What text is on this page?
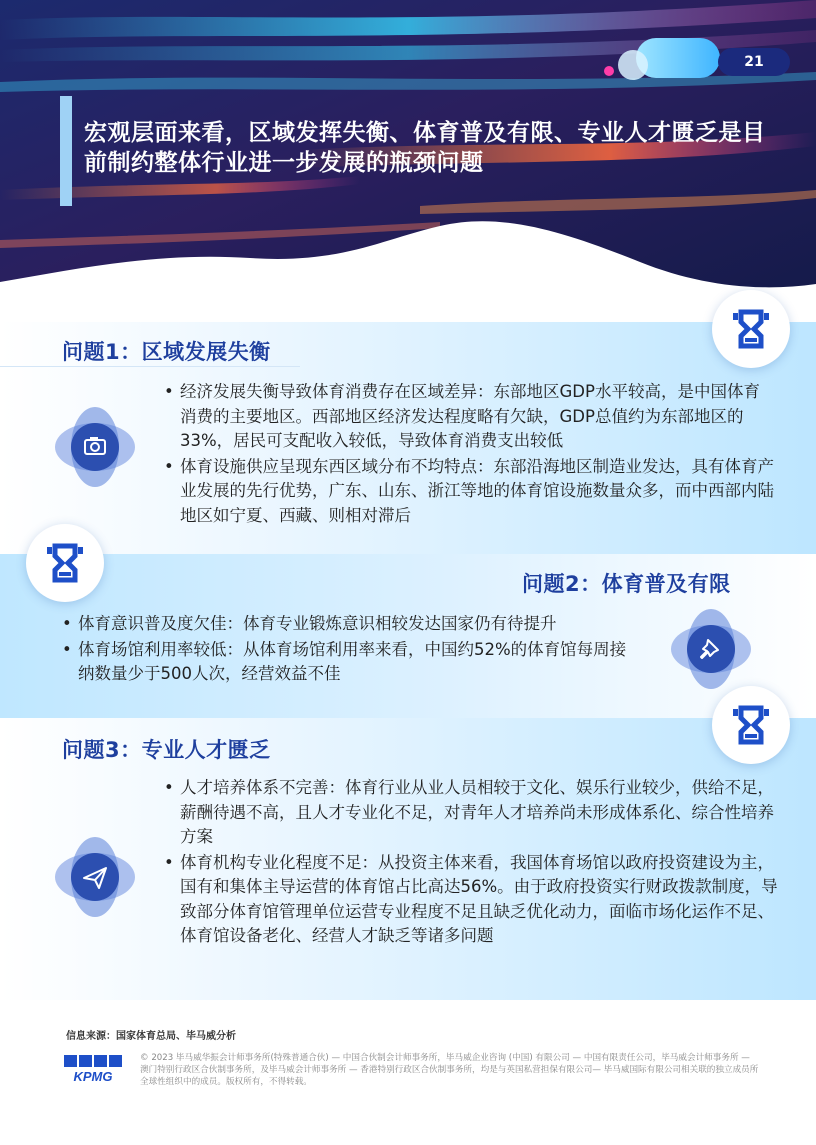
21
宏观层面来看，区域发挥失衡、体育普及有限、专业人才匮乏是目前制约整体行业进一步发展的瓶颈问题
问题1：区域发展失衡
• 经济发展失衡导致体育消费存在区域差异：东部地区GDP水平较高，是中国体育消费的主要地区。西部地区经济发达程度略有欠缺，GDP总值约为东部地区的33%，居民可支配收入较低，导致体育消费支出较低
• 体育设施供应呈现东西区域分布不均特点：东部沿海地区制造业发达，具有体育产业发展的先行优势，广东、山东、浙江等地的体育馆设施数量众多，而中西部内陆地区如宁夏、西藏、则相对滞后
问题2：体育普及有限
• 体育意识普及度欠佳：体育专业锻炼意识相较发达国家仍有待提升
• 体育场馆利用率较低：从体育场馆利用率来看，中国约52%的体育馆每周接纳数量少于500人次，经营效益不佳
问题3：专业人才匮乏
• 人才培养体系不完善：体育行业从业人员相较于文化、娱乐行业较少，供给不足，薪酬待遇不高，且人才专业化不足，对青年人才培养尚未形成体系化、综合性培养方案
• 体育机构专业化程度不足：从投资主体来看，我国体育场馆以政府投资建设为主，国有和集体主导运营的体育馆占比高达56%。由于政府投资实行财政拨款制度，导致部分体育馆管理单位运营专业程度不足且缺乏优化动力，面临市场化运作不足、体育馆设备老化、经营人才缺乏等诸多问题
信息来源：国家体育总局、毕马威分析
KPMG
© 2023 毕马威华振会计师事务所(特殊普通合伙) — 中国合伙制会计师事务所，毕马威企业咨询 (中国) 有限公司 — 中国有限责任公司，毕马威会计师事务所 — 澳门特别行政区合伙制事务所，及毕马威会计师事务所 — 香港特别行政区合伙制事务所，均是与英国私营担保有限公司— 毕马威国际有限公司相关联的独立成员所全球性组织中的成员。版权所有，不得转载。
